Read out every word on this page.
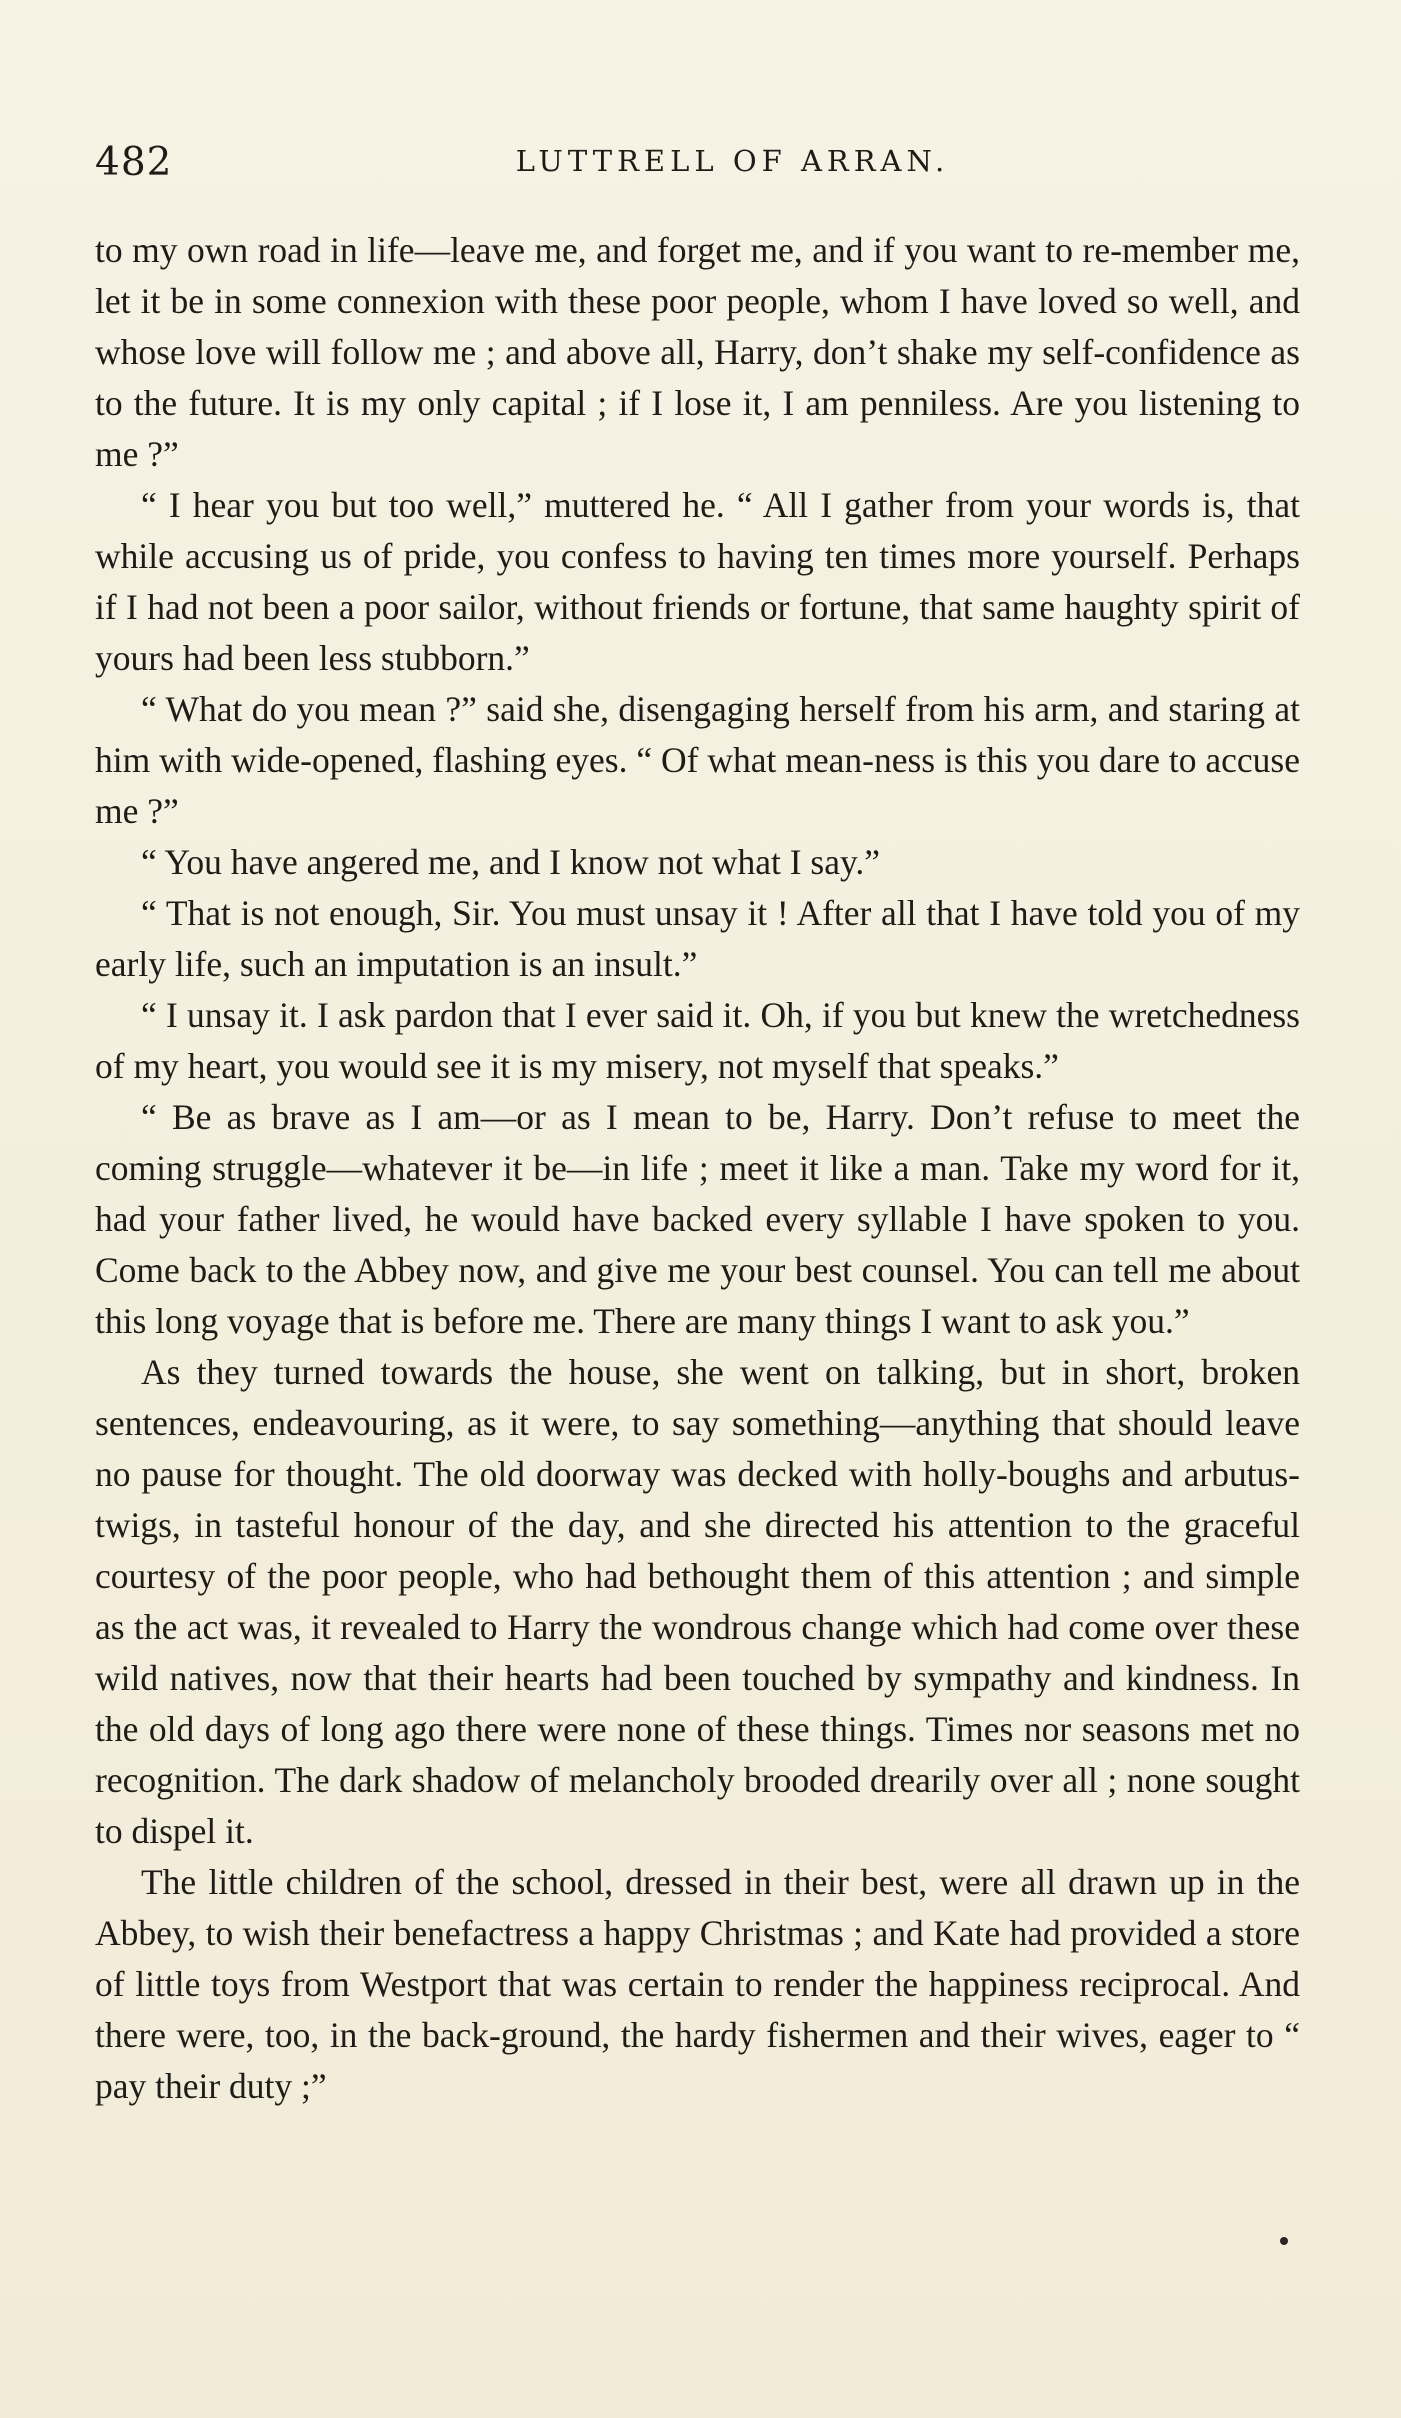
482	LUTTRELL OF ARRAN.

to my own road in life—leave me, and forget me, and if you want to re-member me, let it be in some connexion with these poor people, whom I have loved so well, and whose love will follow me ; and above all, Harry, don’t shake my self-confidence as to the future. It is my only capital ; if I lose it, I am penniless. Are you listening to me ?”

“ I hear you but too well,” muttered he. “ All I gather from your words is, that while accusing us of pride, you confess to having ten times more yourself. Perhaps if I had not been a poor sailor, without friends or fortune, that same haughty spirit of yours had been less stubborn.”

“ What do you mean ?” said she, disengaging herself from his arm, and staring at him with wide-opened, flashing eyes. “ Of what mean-ness is this you dare to accuse me ?”

“ You have angered me, and I know not what I say.”

“ That is not enough, Sir. You must unsay it ! After all that I have told you of my early life, such an imputation is an insult.”

“ I unsay it. I ask pardon that I ever said it. Oh, if you but knew the wretchedness of my heart, you would see it is my misery, not myself that speaks.”

“ Be as brave as I am—or as I mean to be, Harry. Don’t refuse to meet the coming struggle—whatever it be—in life ; meet it like a man. Take my word for it, had your father lived, he would have backed every syllable I have spoken to you. Come back to the Abbey now, and give me your best counsel. You can tell me about this long voyage that is before me. There are many things I want to ask you.”

As they turned towards the house, she went on talking, but in short, broken sentences, endeavouring, as it were, to say something—anything that should leave no pause for thought. The old doorway was decked with holly-boughs and arbutus-twigs, in tasteful honour of the day, and she directed his attention to the graceful courtesy of the poor people, who had bethought them of this attention ; and simple as the act was, it revealed to Harry the wondrous change which had come over these wild natives, now that their hearts had been touched by sympathy and kindness. In the old days of long ago there were none of these things. Times nor seasons met no recognition. The dark shadow of melancholy brooded drearily over all ; none sought to dispel it.

The little children of the school, dressed in their best, were all drawn up in the Abbey, to wish their benefactress a happy Christmas ; and Kate had provided a store of little toys from Westport that was certain to render the happiness reciprocal. And there were, too, in the back-ground, the hardy fishermen and their wives, eager to “ pay their duty ;”
